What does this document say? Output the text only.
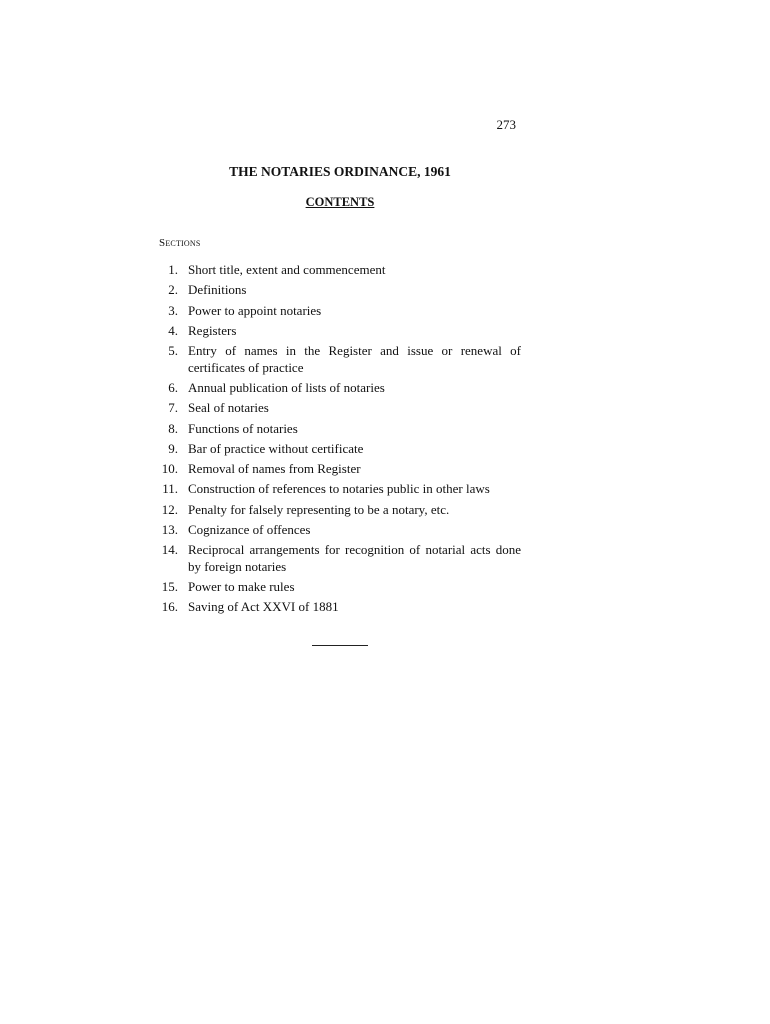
273
THE NOTARIES ORDINANCE, 1961
CONTENTS
Sections
1. Short title, extent and commencement
2. Definitions
3. Power to appoint notaries
4. Registers
5. Entry of names in the Register and issue or renewal of certificates of practice
6. Annual publication of lists of notaries
7. Seal of notaries
8. Functions of notaries
9. Bar of practice without certificate
10. Removal of names from Register
11. Construction of references to notaries public in other laws
12. Penalty for falsely representing to be a notary, etc.
13. Cognizance of offences
14. Reciprocal arrangements for recognition of notarial acts done by foreign notaries
15. Power to make rules
16. Saving of Act XXVI of 1881
